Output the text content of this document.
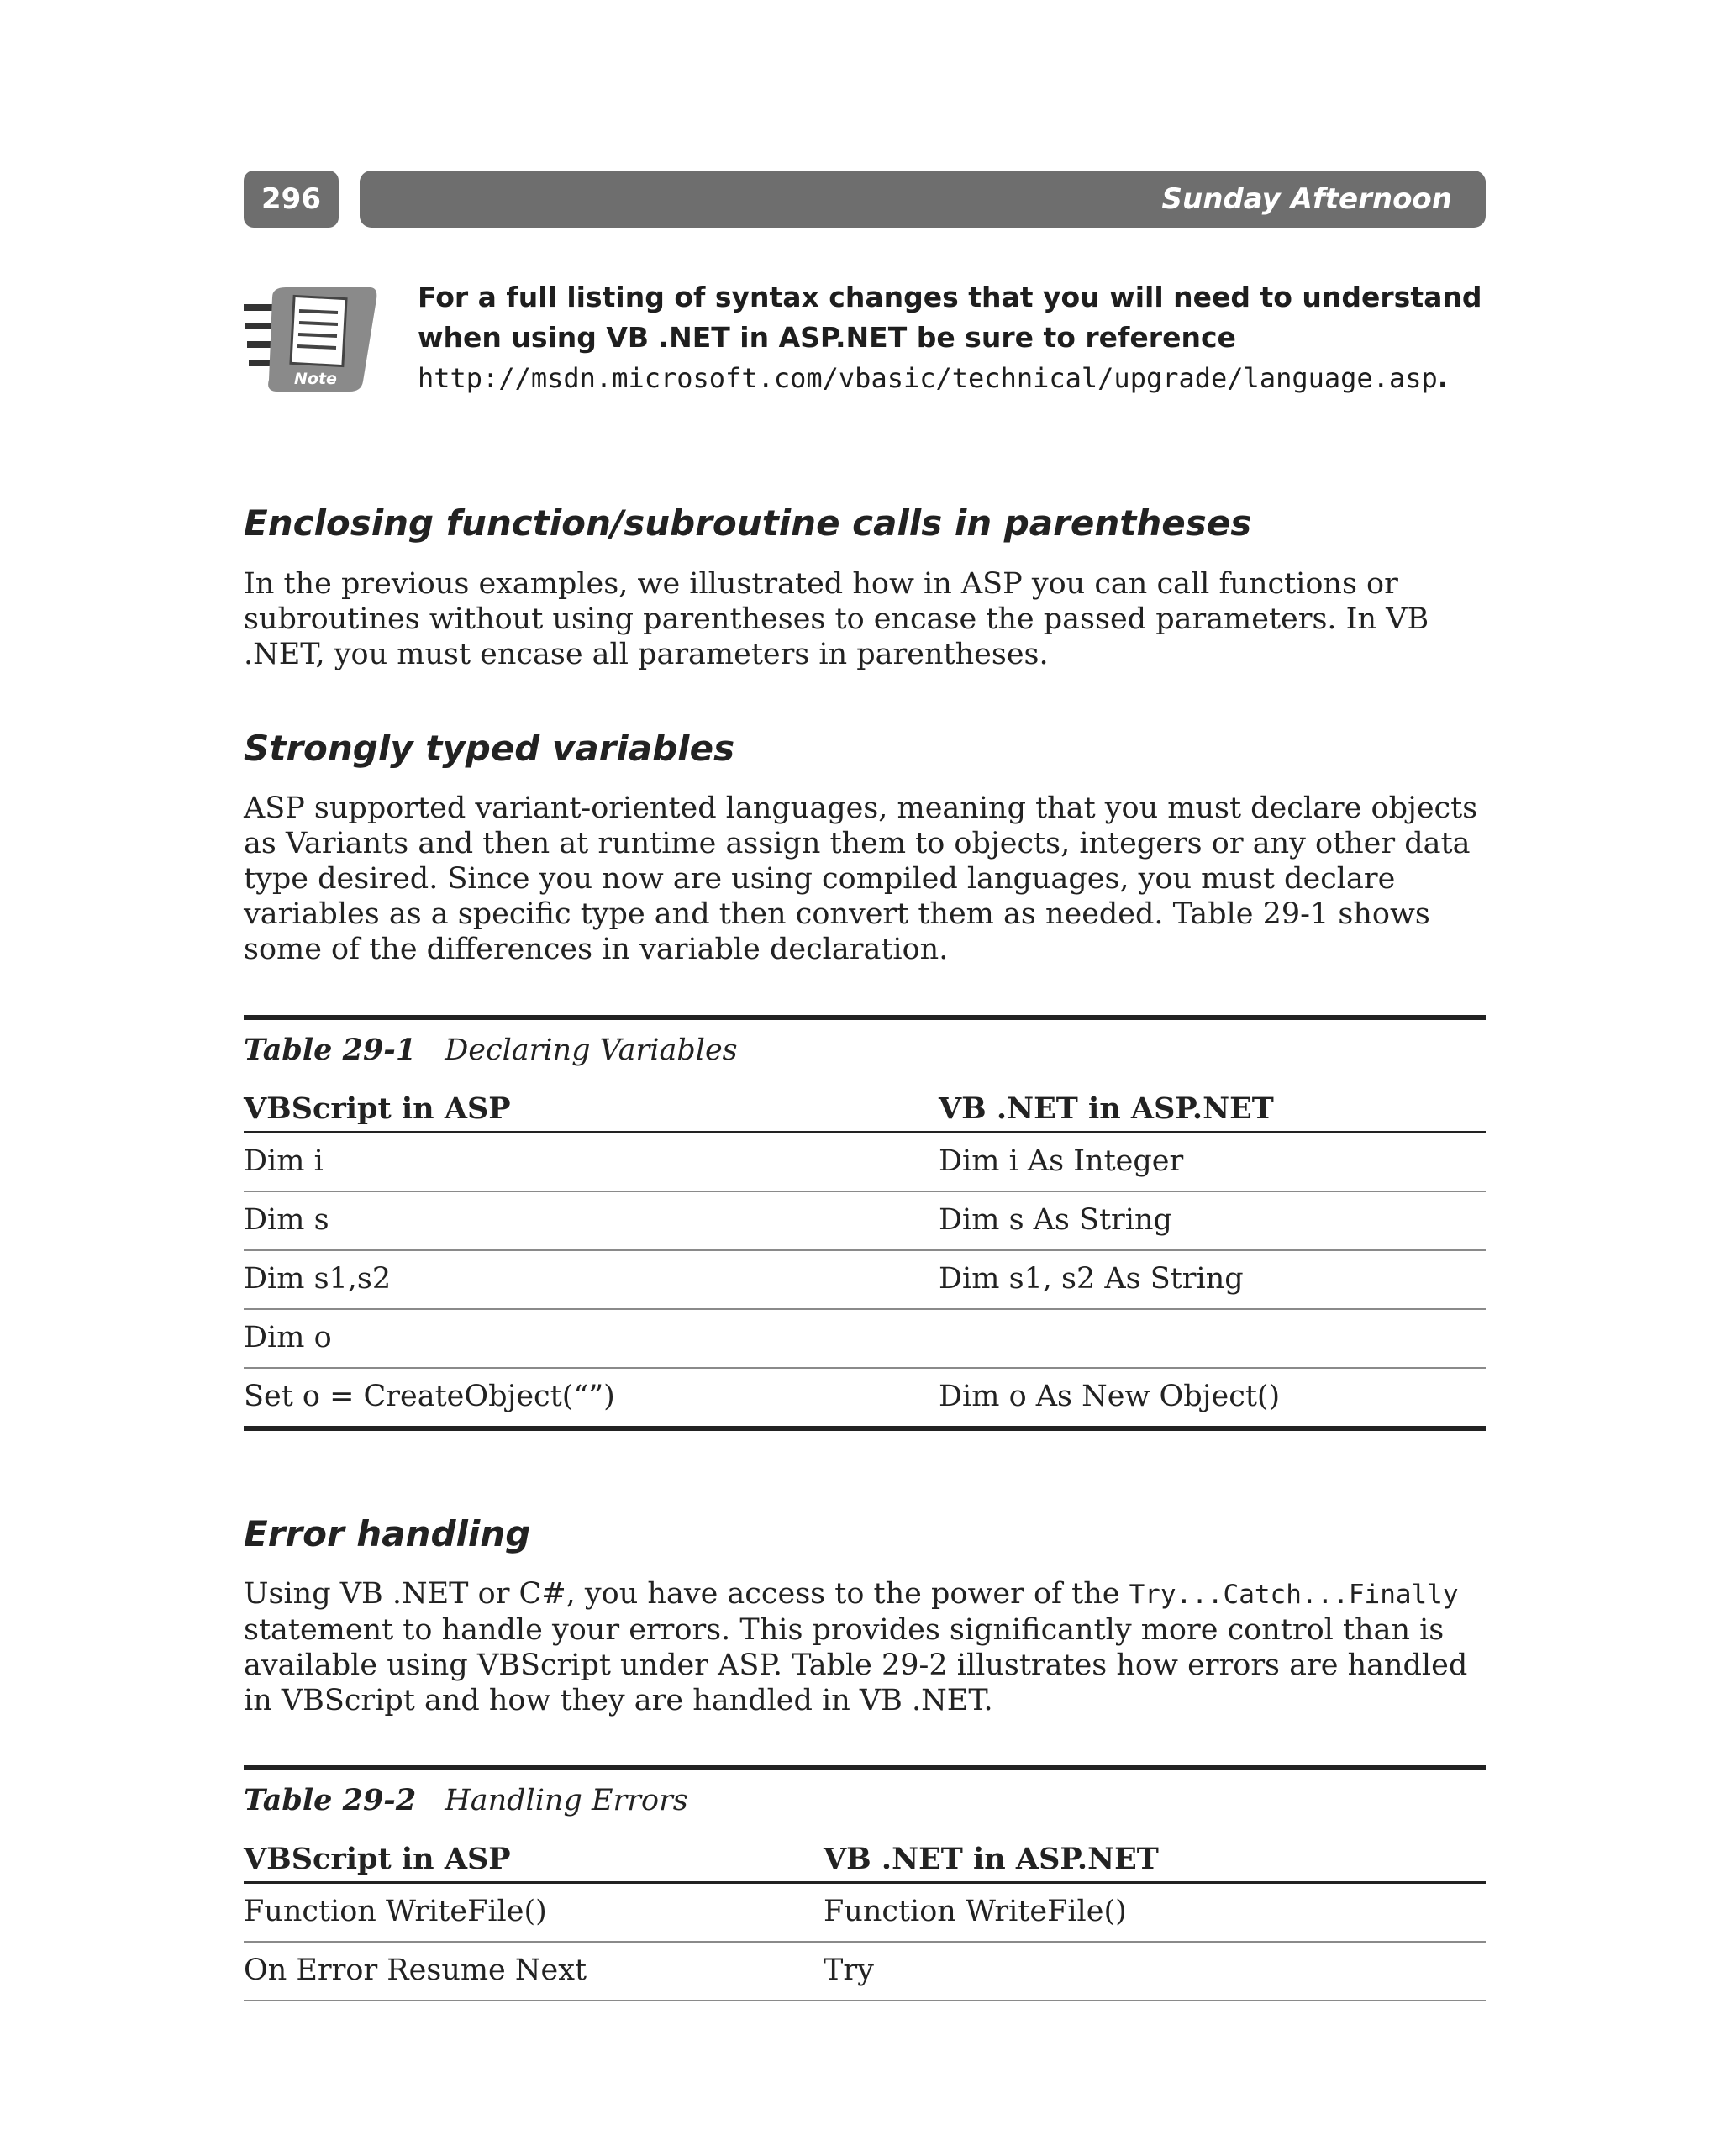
296	Sunday Afternoon
Note
For a full listing of syntax changes that you will need to understand when using VB .NET in ASP.NET be sure to reference
http://msdn.microsoft.com/vbasic/technical/upgrade/language.asp.
Enclosing function/subroutine calls in parentheses
In the previous examples, we illustrated how in ASP you can call functions or subroutines without using parentheses to encase the passed parameters. In VB .NET, you must encase all parameters in parentheses.
Strongly typed variables
ASP supported variant-oriented languages, meaning that you must declare objects as Variants and then at runtime assign them to objects, integers or any other data type desired. Since you now are using compiled languages, you must declare variables as a specific type and then convert them as needed. Table 29-1 shows some of the differences in variable declaration.
Table 29-1 Declaring Variables
VBScript in ASP	VB .NET in ASP.NET
Dim i	Dim i As Integer
Dim s	Dim s As String
Dim s1,s2	Dim s1, s2 As String
Dim o
Set o = CreateObject(“”)	Dim o As New Object()
Error handling
Using VB .NET or C#, you have access to the power of the Try...Catch...Finally statement to handle your errors. This provides significantly more control than is available using VBScript under ASP. Table 29-2 illustrates how errors are handled in VBScript and how they are handled in VB .NET.
Table 29-2 Handling Errors
VBScript in ASP	VB .NET in ASP.NET
Function WriteFile()	Function WriteFile()
On Error Resume Next	Try
